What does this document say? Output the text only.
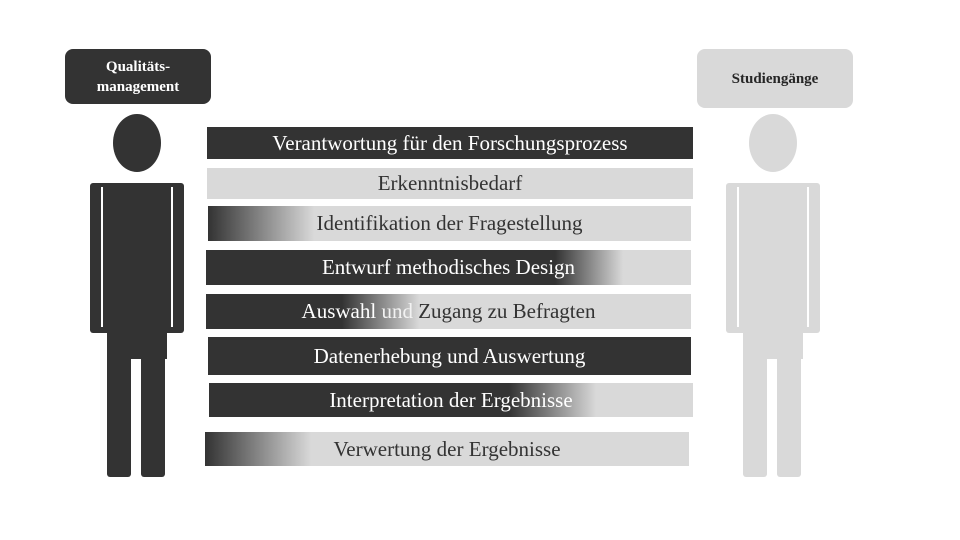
Qualitäts-
management	Studiengänge
Verantwortung für den Forschungsprozess
Erkenntnisbedarf
Identifikation der Fragestellung
Entwurf methodisches Design
Auswahl und Zugang zu Befragten
Datenerhebung und Auswertung
Interpretation der Ergebnisse
Verwertung der Ergebnisse
